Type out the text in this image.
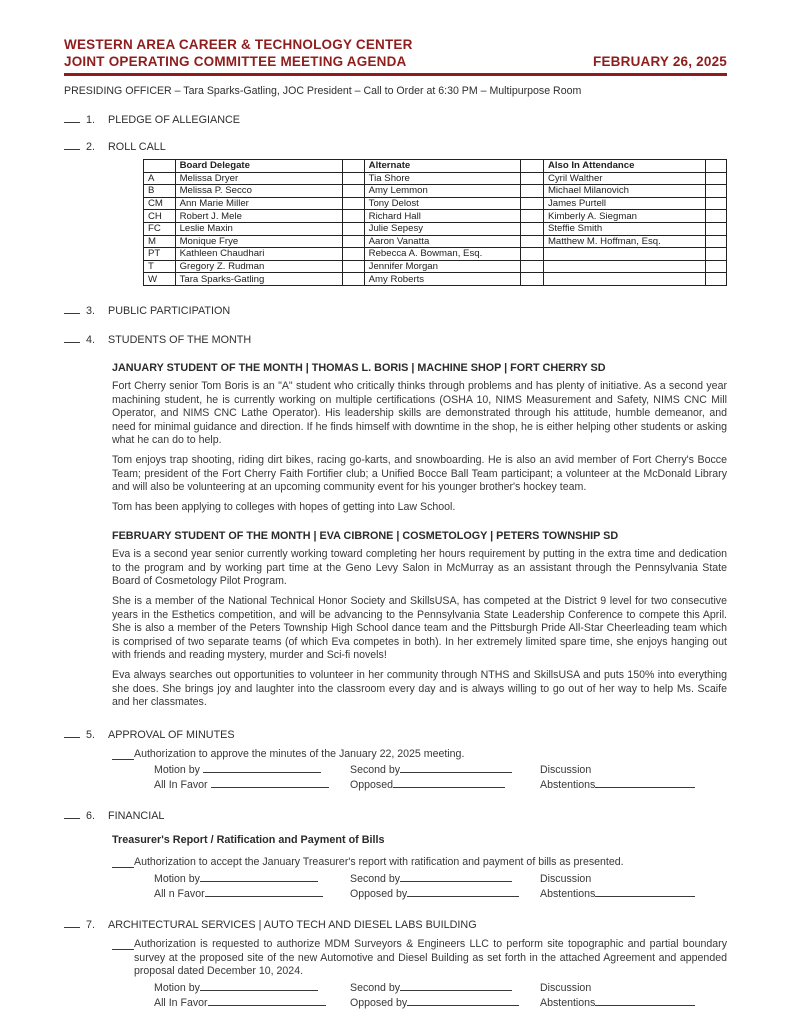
WESTERN AREA CAREER & TECHNOLOGY CENTER
JOINT OPERATING COMMITTEE MEETING AGENDA	FEBRUARY 26, 2025
PRESIDING OFFICER – Tara Sparks-Gatling, JOC President – Call to Order at 6:30 PM – Multipurpose Room
1.	PLEDGE OF ALLEGIANCE
2.	ROLL CALL
	Board Delegate		Alternate		Also In Attendance	
A	Melissa Dryer		Tia Shore		Cyril Walther	
B	Melissa P. Secco		Amy Lemmon		Michael Milanovich	
CM	Ann Marie Miller		Tony Delost		James Purtell	
CH	Robert J. Mele		Richard Hall		Kimberly A. Siegman	
FC	Leslie Maxin		Julie Sepesy		Steffie Smith	
M	Monique Frye		Aaron Vanatta		Matthew M. Hoffman, Esq.	
PT	Kathleen Chaudhari		Rebecca A. Bowman, Esq.			
T	Gregory Z. Rudman		Jennifer Morgan			
W	Tara Sparks-Gatling		Amy Roberts			
3.	PUBLIC PARTICIPATION
4.	STUDENTS OF THE MONTH
JANUARY STUDENT OF THE MONTH | THOMAS L. BORIS | MACHINE SHOP | FORT CHERRY SD

Fort Cherry senior Tom Boris is an "A" student who critically thinks through problems and has plenty of initiative. As a second year machining student, he is currently working on multiple certifications (OSHA 10, NIMS Measurement and Safety, NIMS CNC Mill Operator, and NIMS CNC Lathe Operator). His leadership skills are demonstrated through his attitude, humble demeanor, and need for minimal guidance and direction. If he finds himself with downtime in the shop, he is either helping other students or asking what he can do to help.

Tom enjoys trap shooting, riding dirt bikes, racing go-karts, and snowboarding. He is also an avid member of Fort Cherry's Bocce Team; president of the Fort Cherry Faith Fortifier club; a Unified Bocce Ball Team participant; a volunteer at the McDonald Library and will also be volunteering at an upcoming community event for his younger brother's hockey team.

Tom has been applying to colleges with hopes of getting into Law School.

FEBRUARY STUDENT OF THE MONTH | EVA CIBRONE | COSMETOLOGY | PETERS TOWNSHIP SD

Eva is a second year senior currently working toward completing her hours requirement by putting in the extra time and dedication to the program and by working part time at the Geno Levy Salon in McMurray as an assistant through the Pennsylvania State Board of Cosmetology Pilot Program.

She is a member of the National Technical Honor Society and SkillsUSA, has competed at the District 9 level for two consecutive years in the Esthetics competition, and will be advancing to the Pennsylvania State Leadership Conference to compete this April. She is also a member of the Peters Township High School dance team and the Pittsburgh Pride All-Star Cheerleading team which is comprised of two separate teams (of which Eva competes in both). In her extremely limited spare time, she enjoys hanging out with friends and reading mystery, murder and Sci-fi novels!

Eva always searches out opportunities to volunteer in her community through NTHS and SkillsUSA and puts 150% into everything she does. She brings joy and laughter into the classroom every day and is always willing to go out of her way to help Ms. Scaife and her classmates.

5.	APPROVAL OF MINUTES
Authorization to approve the minutes of the January 22, 2025 meeting.
Motion by	Second by	Discussion
All In Favor	Opposed	Abstentions
6.	FINANCIAL
Treasurer's Report / Ratification and Payment of Bills
Authorization to accept the January Treasurer's report with ratification and payment of bills as presented.
Motion by	Second by	Discussion
All n Favor	Opposed by	Abstentions
7.	ARCHITECTURAL SERVICES | AUTO TECH AND DIESEL LABS BUILDING
Authorization is requested to authorize MDM Surveyors & Engineers LLC to perform site topographic and partial boundary survey at the proposed site of the new Automotive and Diesel Building as set forth in the attached Agreement and appended proposal dated December 10, 2024.
Motion by	Second by	Discussion
All In Favor	Opposed by	Abstentions
